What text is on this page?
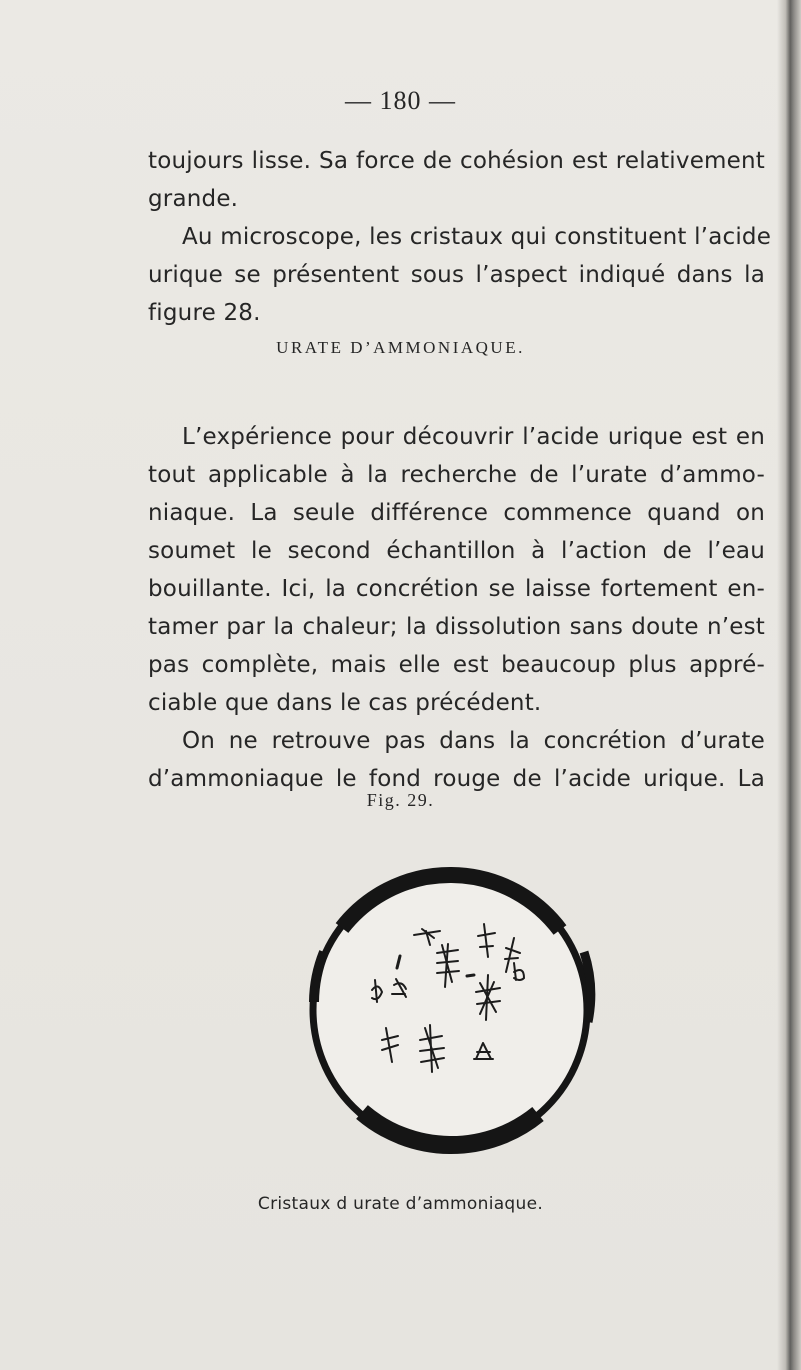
— 180 —
toujours lisse. Sa force de cohésion est relativement
grande.
Au microscope, les cristaux qui constituent l’acide
urique se présentent sous l’aspect indiqué dans la
figure 28.
URATE D’AMMONIAQUE.
L’expérience pour découvrir l’acide urique est en
tout applicable à la recherche de l’urate d’ammo-
niaque. La seule différence commence quand on
soumet le second échantillon à l’action de l’eau
bouillante. Ici, la concrétion se laisse fortement en-
tamer par la chaleur; la dissolution sans doute n’est
pas complète, mais elle est beaucoup plus appré-
ciable que dans le cas précédent.
On ne retrouve pas dans la concrétion d’urate
d’ammoniaque le fond rouge de l’acide urique. La
Fig. 29.
Cristaux d urate d’ammoniaque.
